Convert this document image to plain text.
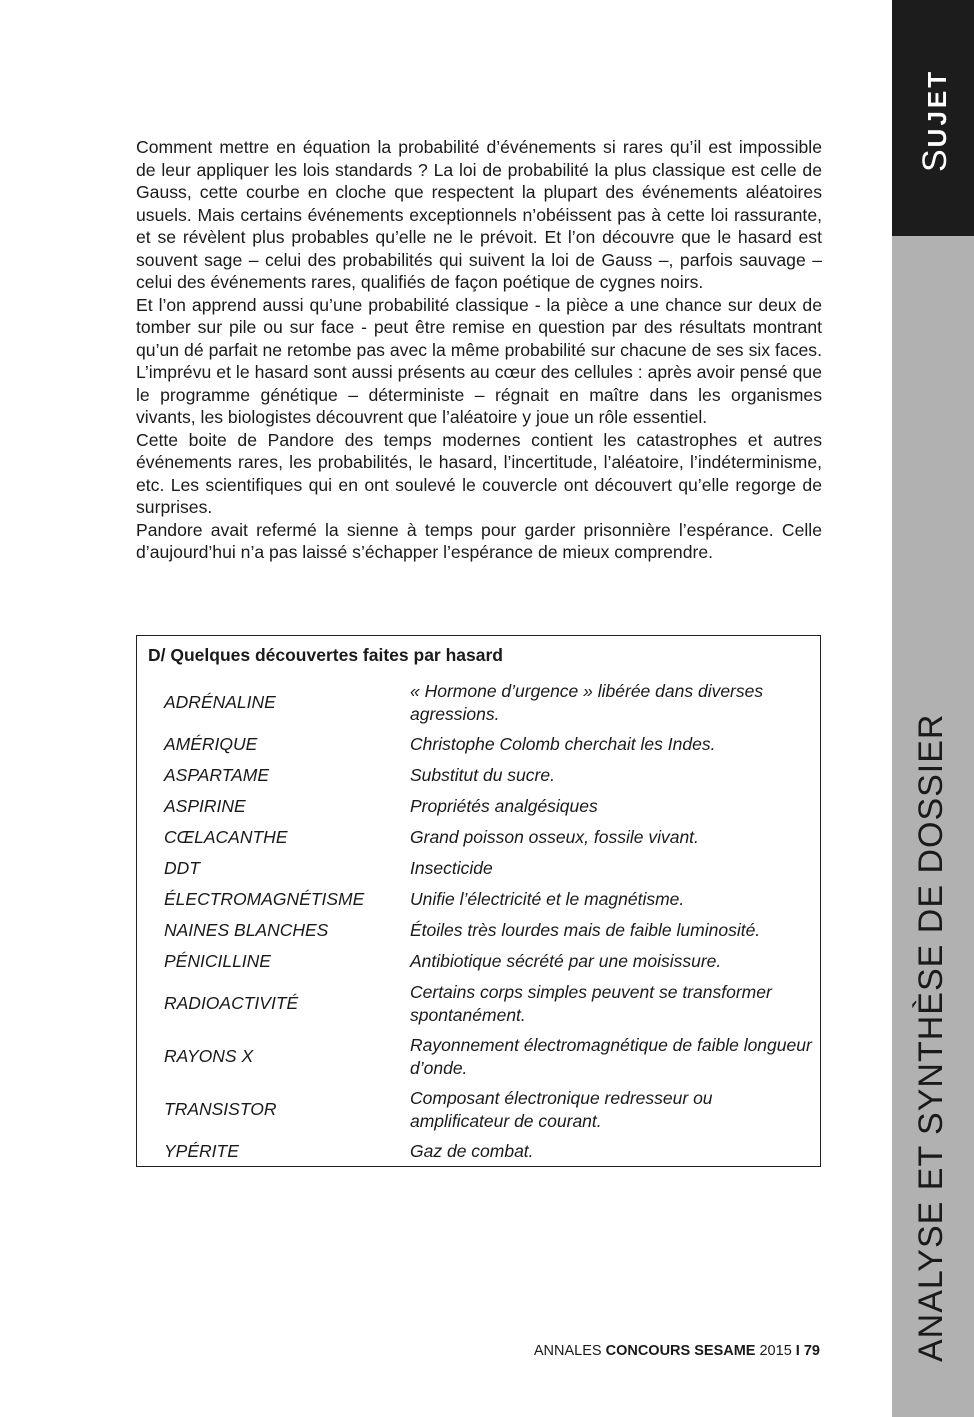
SUJET
ANALYSE ET SYNTHÈSE DE DOSSIER

Comment mettre en équation la probabilité d’événements si rares qu’il est impossible de leur appliquer les lois standards ? La loi de probabilité la plus classique est celle de Gauss, cette courbe en cloche que respectent la plupart des événements aléatoires usuels. Mais certains événements exceptionnels n’obéissent pas à cette loi rassurante, et se révèlent plus probables qu’elle ne le prévoit. Et l’on découvre que le hasard est souvent sage – celui des probabilités qui suivent la loi de Gauss –, parfois sauvage – celui des événements rares, qualifiés de façon poétique de cygnes noirs.

Et l’on apprend aussi qu’une probabilité classique - la pièce a une chance sur deux de tomber sur pile ou sur face - peut être remise en question par des résultats montrant qu’un dé parfait ne retombe pas avec la même probabilité sur chacune de ses six faces. L’imprévu et le hasard sont aussi présents au cœur des cellules : après avoir pensé que le programme génétique – déterministe – régnait en maître dans les organismes vivants, les biologistes découvrent que l’aléatoire y joue un rôle essentiel.

Cette boite de Pandore des temps modernes contient les catastrophes et autres événements rares, les probabilités, le hasard, l’incertitude, l’aléatoire, l’indéterminisme, etc. Les scientifiques qui en ont soulevé le couvercle ont découvert qu’elle regorge de surprises.

Pandore avait refermé la sienne à temps pour garder prisonnière l’espérance. Celle d’aujourd’hui n’a pas laissé s’échapper l’espérance de mieux comprendre.

D/ Quelques découvertes faites par hasard
ADRÉNALINE	« Hormone d’urgence » libérée dans diverses agressions.
AMÉRIQUE	Christophe Colomb cherchait les Indes.
ASPARTAME	Substitut du sucre.
ASPIRINE	Propriétés analgésiques
CŒLACANTHE	Grand poisson osseux, fossile vivant.
DDT	Insecticide
ÉLECTROMAGNÉTISME	Unifie l’électricité et le magnétisme.
NAINES BLANCHES	Étoiles très lourdes mais de faible luminosité.
PÉNICILLINE	Antibiotique sécrété par une moisissure.
RADIOACTIVITÉ	Certains corps simples peuvent se transformer spontanément.
RAYONS X	Rayonnement électromagnétique de faible longueur d’onde.
TRANSISTOR	Composant électronique redresseur ou amplificateur de courant.
YPÉRITE	Gaz de combat.
ANNALES CONCOURS SESAME 2015 I 79
